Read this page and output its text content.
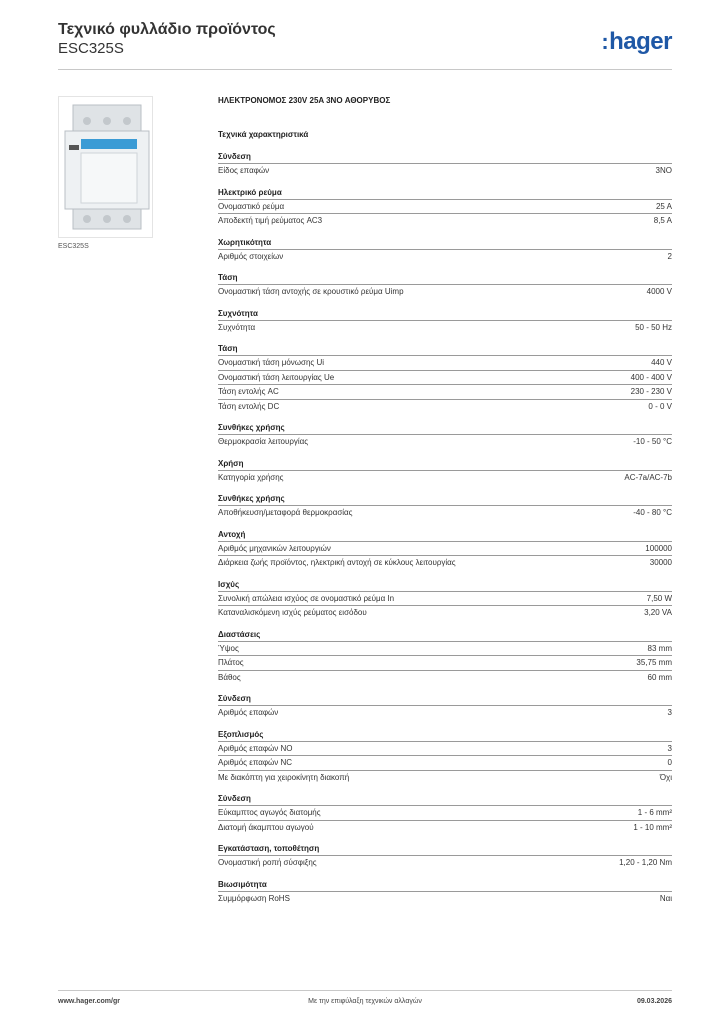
Τεχνικό φυλλάδιο προϊόντος
ESC325S	:hager
ESC325S
ΗΛΕΚΤΡΟΝΟΜΟΣ 230V 25A 3NO ΑΘΟΡΥΒΟΣ
Τεχνικά χαρακτηριστικά
Σύνδεση
Είδος επαφών	3NO
Ηλεκτρικό ρεύμα
Ονομαστικό ρεύμα	25 A
Αποδεκτή τιμή ρεύματος AC3	8,5 A
Χωρητικότητα
Αριθμός στοιχείων	2
Τάση
Ονομαστική τάση αντοχής σε κρουστικό ρεύμα Uimp	4000 V
Συχνότητα
Συχνότητα	50 - 50 Hz
Τάση
Ονομαστική τάση μόνωσης Ui	440 V
Ονομαστική τάση λειτουργίας Ue	400 - 400 V
Τάση εντολής AC	230 - 230 V
Τάση εντολής DC	0 - 0 V
Συνθήκες χρήσης
Θερμοκρασία λειτουργίας	-10 - 50 °C
Χρήση
Κατηγορία χρήσης	AC-7a/AC-7b
Συνθήκες χρήσης
Αποθήκευση/μεταφορά θερμοκρασίας	-40 - 80 °C
Αντοχή
Αριθμός μηχανικών λειτουργιών	100000
Διάρκεια ζωής προϊόντος, ηλεκτρική αντοχή σε κύκλους λειτουργίας	30000
Ισχύς
Συνολική απώλεια ισχύος σε ονομαστικό ρεύμα In	7,50 W
Καταναλισκόμενη ισχύς ρεύματος εισόδου	3,20 VA
Διαστάσεις
Ύψος	83 mm
Πλάτος	35,75 mm
Βάθος	60 mm
Σύνδεση
Αριθμός επαφών	3
Εξοπλισμός
Αριθμός επαφών NO	3
Αριθμός επαφών NC	0
Με διακόπτη για χειροκίνητη διακοπή	Όχι
Σύνδεση
Εύκαμπτος αγωγός διατομής	1 - 6 mm²
Διατομή άκαμπτου αγωγού	1 - 10 mm²
Εγκατάσταση, τοποθέτηση
Ονομαστική ροπή σύσφιξης	1,20 - 1,20 Nm
Βιωσιμότητα
Συμμόρφωση RoHS	Ναι
www.hager.com/gr	Με την επιφύλαξη τεχνικών αλλαγών	09.03.2026
